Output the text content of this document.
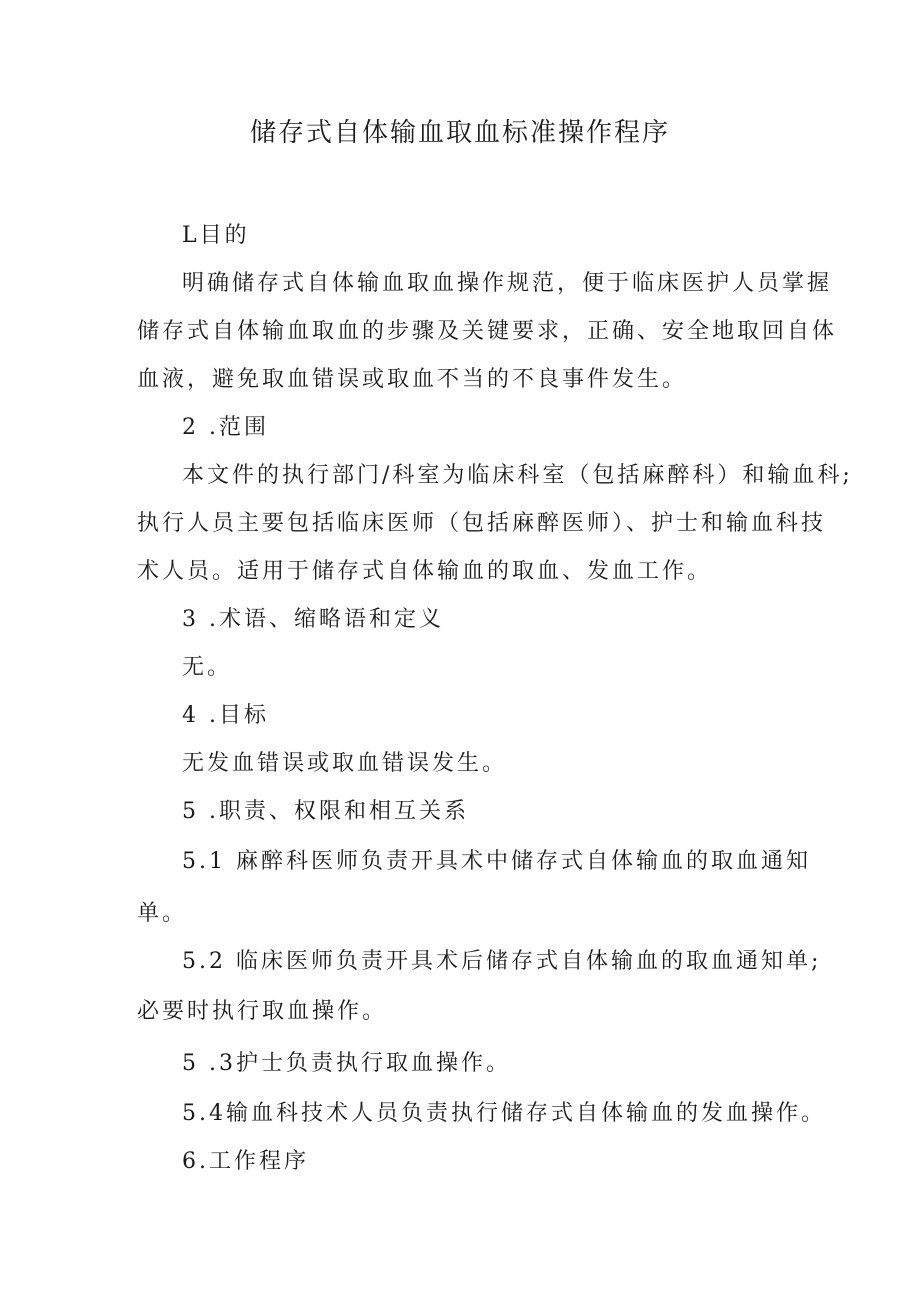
储存式自体输血取血标准操作程序

L目的

明确储存式自体输血取血操作规范，便于临床医护人员掌握

储存式自体输血取血的步骤及关键要求，正确、安全地取回自体

血液，避免取血错误或取血不当的不良事件发生。

2 .范围

本文件的执行部门/科室为临床科室（包括麻醉科）和输血科;

执行人员主要包括临床医师（包括麻醉医师）、护士和输血科技

术人员。适用于储存式自体输血的取血、发血工作。

3 .术语、缩略语和定义

无。

4 .目标

无发血错误或取血错误发生。

5 .职责、权限和相互关系

5.1 麻醉科医师负责开具术中储存式自体输血的取血通知

单。

5.2 临床医师负责开具术后储存式自体输血的取血通知单;

必要时执行取血操作。

5 .3护士负责执行取血操作。

5.4输血科技术人员负责执行储存式自体输血的发血操作。

6.工作程序
